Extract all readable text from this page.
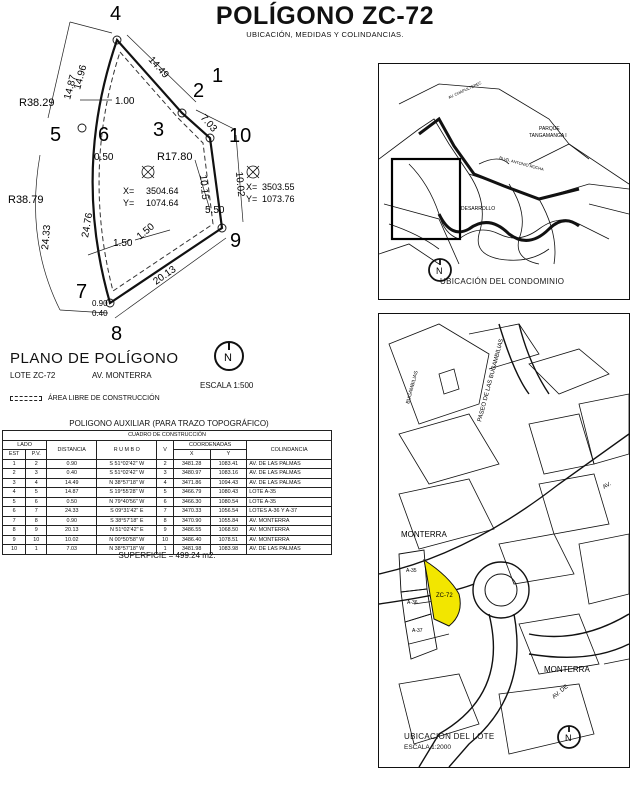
POLÍGONO ZC-72
UBICACIÓN, MEDIDAS Y COLINDANCIAS.
4
1
2
3	10
5 6
9
7
8
14.87
14.96
1.00
14.49
7.03
0.50
10.15 10.02
5.50
24.33	24.76
1.50
1.50
20.13
0.90
0.40
R38.29
R38.79
R17.80
X= 3504.64
Y= 1074.64
X= 3503.55
Y= 1073.76
PLANO DE POLÍGONO
LOTE ZC-72	AV. MONTERRA
N
ESCALA 1:500
ÁREA LIBRE DE CONSTRUCCIÓN
POLIGONO AUXILIAR (PARA TRAZO TOPOGRÁFICO)
CUADRO DE CONSTRUCCIÓN							
LADO		DISTANCIA	R U M B O	V	COORDENADAS		COLINDANCIA
EST	P.V.				X	Y	
1	2	0.90	S 51°02'42" W	2	3481.28	1083.41	AV. DE LAS PALMAS
2	3	0.40	S 51°02'42" W	3	3480.97	1083.16	AV. DE LAS PALMAS
3	4	14.49	N 38°57'18" W	4	3471.86	1094.43	AV. DE LAS PALMAS
4	5	14.87	S 19°55'28" W	5	3466.79	1080.43	LOTE A-35
5	6	0.50	N 79°40'56" W	6	3466.30	1080.54	LOTE A-35
6	7	24.33	S 09°31'42" E	7	3470.33	1056.54	LOTES A-36 Y A-37
7	8	0.90	S 38°57'18" E	8	3470.90	1055.84	AV. MONTERRA
8	9	20.13	N 51°02'42" E	9	3486.55	1068.50	AV. MONTERRA
9	10	10.02	N 00°50'58" W	10	3486.40	1078.51	AV. MONTERRA
10	1	7.03	N 38°57'18" W	1	3481.98	1083.98	AV. DE LAS PALMAS
SUPERFICIE = 499.24 m2.
AV. CHAPULTEPEC
PARQUE
TANGAMANGA I
DESARROLLO
BLVD. ANTONIO ROCHA
N
UBICACIÓN DEL CONDOMINIO
A-35
A-36
A-37
ZC-72
MONTERRA
MONTERRA
PASEO DE LAS BUGAMBILIAS
BUGAMBILIAS
AV.
AV. DE
N
UBICACIÓN DEL LOTE
ESCALA 1:2000
